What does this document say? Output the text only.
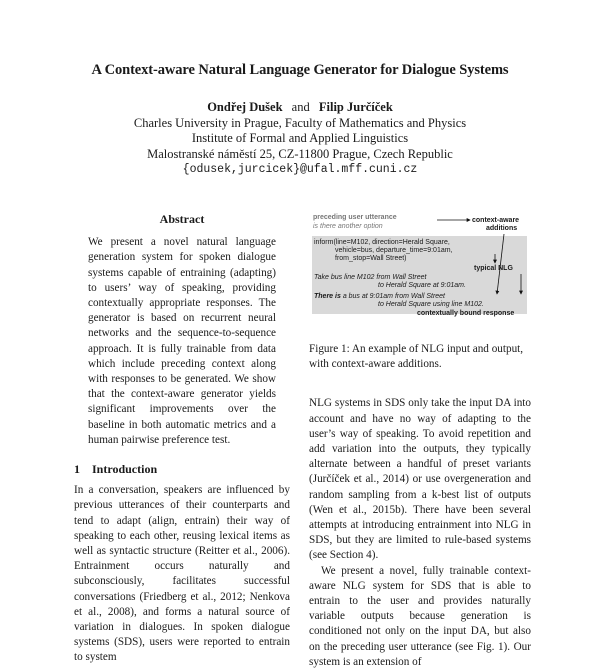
A Context-aware Natural Language Generator for Dialogue Systems
Ondřej Dušek and Filip Jurčíček
Charles University in Prague, Faculty of Mathematics and Physics
Institute of Formal and Applied Linguistics
Malostranské náměstí 25, CZ-11800 Prague, Czech Republic
{odusek,jurcicek}@ufal.mff.cuni.cz
Abstract

We present a novel natural language generation system for spoken dialogue systems capable of entraining (adapting) to users’ way of speaking, providing contextually appropriate responses. The generator is based on recurrent neural networks and the sequence-to-sequence approach. It is fully trainable from data which include preceding context along with responses to be generated. We show that the context-aware generator yields significant improvements over the baseline in both automatic metrics and a human pairwise preference test.

1 Introduction

In a conversation, speakers are influenced by previous utterances of their counterparts and tend to adapt (align, entrain) their way of speaking to each other, reusing lexical items as well as syntactic structure (Reitter et al., 2006). Entrainment occurs naturally and subconsciously, facilitates successful conversations (Friedberg et al., 2012; Nenkova et al., 2008), and forms a natural source of variation in dialogues. In spoken dialogue systems (SDS), users were reported to entrain to system

preceding user utterance
is there another option
context-aware
additions
inform(line=M102, direction=Herald Square,
vehicle=bus, departure_time=9:01am,
from_stop=Wall Street)
typical NLG
Take bus line M102 from Wall Street
to Herald Square at 9:01am.
There is a bus at 9:01am from Wall Street
to Herald Square using line M102.
contextually bound response

Figure 1: An example of NLG input and output, with context-aware additions.

NLG systems in SDS only take the input DA into account and have no way of adapting to the user’s way of speaking. To avoid repetition and add variation into the outputs, they typically alternate between a handful of preset variants (Jurčíček et al., 2014) or use overgeneration and random sampling from a k-best list of outputs (Wen et al., 2015b). There have been several attempts at introducing entrainment into NLG in SDS, but they are limited to rule-based systems (see Section 4).

We present a novel, fully trainable context-aware NLG system for SDS that is able to entrain to the user and provides naturally variable outputs because generation is conditioned not only on the input DA, but also on the preceding user utterance (see Fig. 1). Our system is an extension of
